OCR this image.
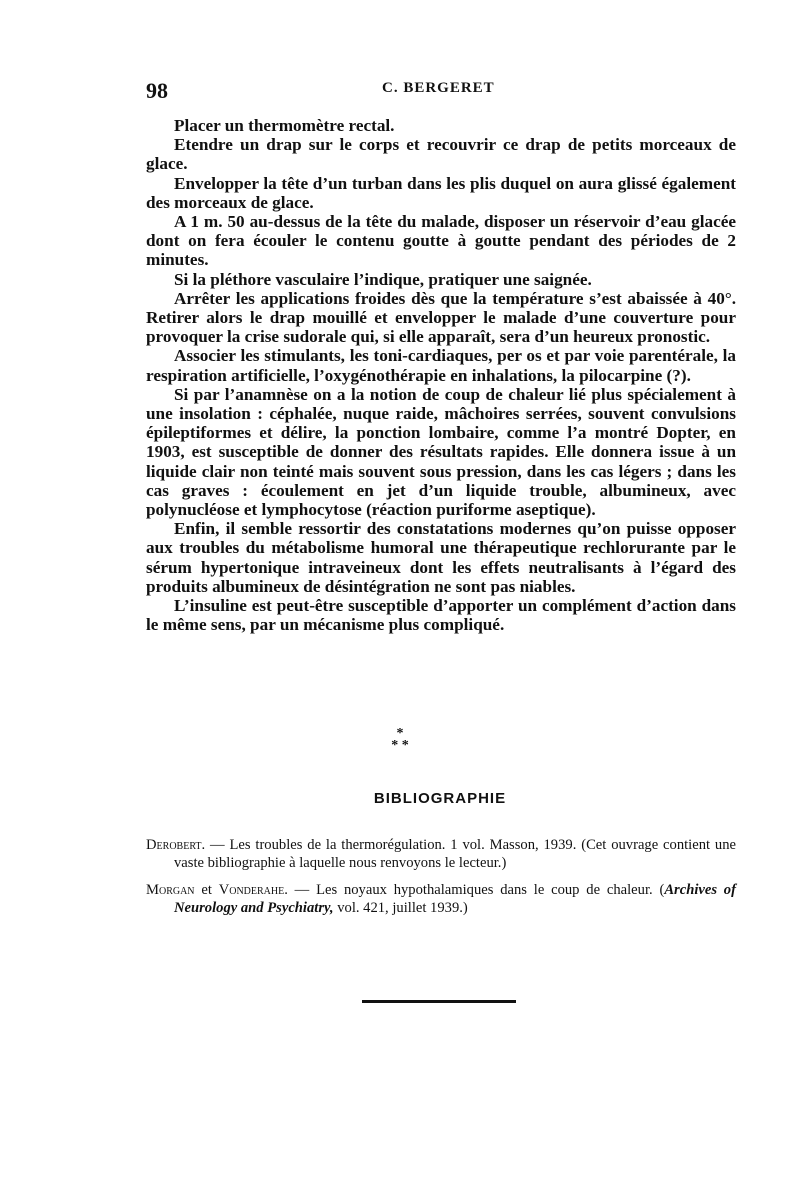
98	C. BERGERET

Placer un thermomètre rectal.

Etendre un drap sur le corps et recouvrir ce drap de petits morceaux de glace.

Envelopper la tête d’un turban dans les plis duquel on aura glissé également des morceaux de glace.

A 1 m. 50 au-dessus de la tête du malade, disposer un réservoir d’eau glacée dont on fera écouler le contenu goutte à goutte pendant des périodes de 2 minutes.

Si la pléthore vasculaire l’indique, pratiquer une saignée.

Arrêter les applications froides dès que la température s’est abaissée à 40°. Retirer alors le drap mouillé et envelopper le malade d’une couverture pour provoquer la crise sudorale qui, si elle apparaît, sera d’un heureux pronostic.

Associer les stimulants, les toni-cardiaques, per os et par voie parentérale, la respiration artificielle, l’oxygénothérapie en inhalations, la pilocarpine (?).

Si par l’anamnèse on a la notion de coup de chaleur lié plus spécialement à une insolation : céphalée, nuque raide, mâchoires serrées, souvent convulsions épileptiformes et délire, la ponction lombaire, comme l’a montré Dopter, en 1903, est susceptible de donner des résultats rapides. Elle donnera issue à un liquide clair non teinté mais souvent sous pression, dans les cas légers ; dans les cas graves : écoulement en jet d’un liquide trouble, albumineux, avec polynucléose et lymphocytose (réaction puriforme aseptique).

Enfin, il semble ressortir des constatations modernes qu’on puisse opposer aux troubles du métabolisme humoral une thérapeutique rechlorurante par le sérum hypertonique intraveineux dont les effets neutralisants à l’égard des produits albumineux de désintégration ne sont pas niables.

L’insuline est peut-être susceptible d’apporter un complément d’action dans le même sens, par un mécanisme plus compliqué.

*
* *
BIBLIOGRAPHIE

Derobert. — Les troubles de la thermorégulation. 1 vol. Masson, 1939. (Cet ouvrage contient une vaste bibliographie à laquelle nous renvoyons le lecteur.)

Morgan et Vonderahe. — Les noyaux hypothalamiques dans le coup de chaleur. (Archives of Neurology and Psychiatry, vol. 421, juillet 1939.)
